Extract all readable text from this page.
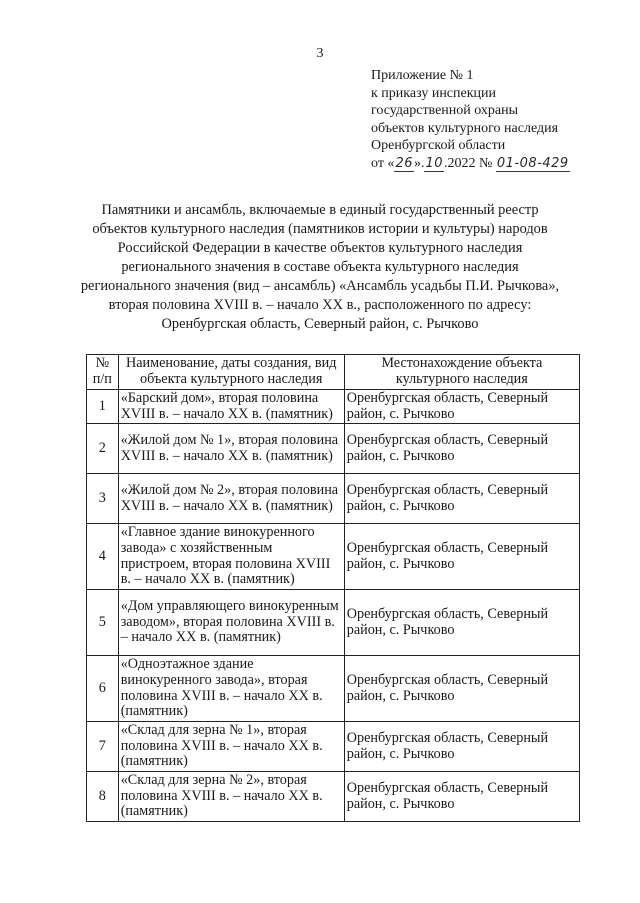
3
Приложение № 1
к приказу инспекции
государственной охраны
объектов культурного наследия
Оренбургской области
от «26».10.2022 № 01-08-429
Памятники и ансамбль, включаемые в единый государственный реестр
объектов культурного наследия (памятников истории и культуры) народов
Российской Федерации в качестве объектов культурного наследия
регионального значения в составе объекта культурного наследия
регионального значения (вид – ансамбль) «Ансамбль усадьбы П.И. Рычкова»,
вторая половина XVIII в. – начало XX в., расположенного по адресу:
Оренбургская область, Северный район, с. Рычково
№ п/п	Наименование, даты создания, вид объекта культурного наследия	Местонахождение объекта культурного наследия
1	«Барский дом», вторая половина XVIII в. – начало XX в. (памятник)	Оренбургская область, Северный район, с. Рычково
2	«Жилой дом № 1», вторая половина XVIII в. – начало XX в. (памятник)	Оренбургская область, Северный район, с. Рычково
3	«Жилой дом № 2», вторая половина XVIII в. – начало XX в. (памятник)	Оренбургская область, Северный район, с. Рычково
4	«Главное здание винокуренного завода» с хозяйственным пристроем, вторая половина XVIII в. – начало XX в. (памятник)	Оренбургская область, Северный район, с. Рычково
5	«Дом управляющего винокуренным заводом», вторая половина XVIII в. – начало XX в. (памятник)	Оренбургская область, Северный район, с. Рычково
6	«Одноэтажное здание винокуренного завода», вторая половина XVIII в. – начало XX в. (памятник)	Оренбургская область, Северный район, с. Рычково
7	«Склад для зерна № 1», вторая половина XVIII в. – начало XX в. (памятник)	Оренбургская область, Северный район, с. Рычково
8	«Склад для зерна № 2», вторая половина XVIII в. – начало XX в. (памятник)	Оренбургская область, Северный район, с. Рычково
